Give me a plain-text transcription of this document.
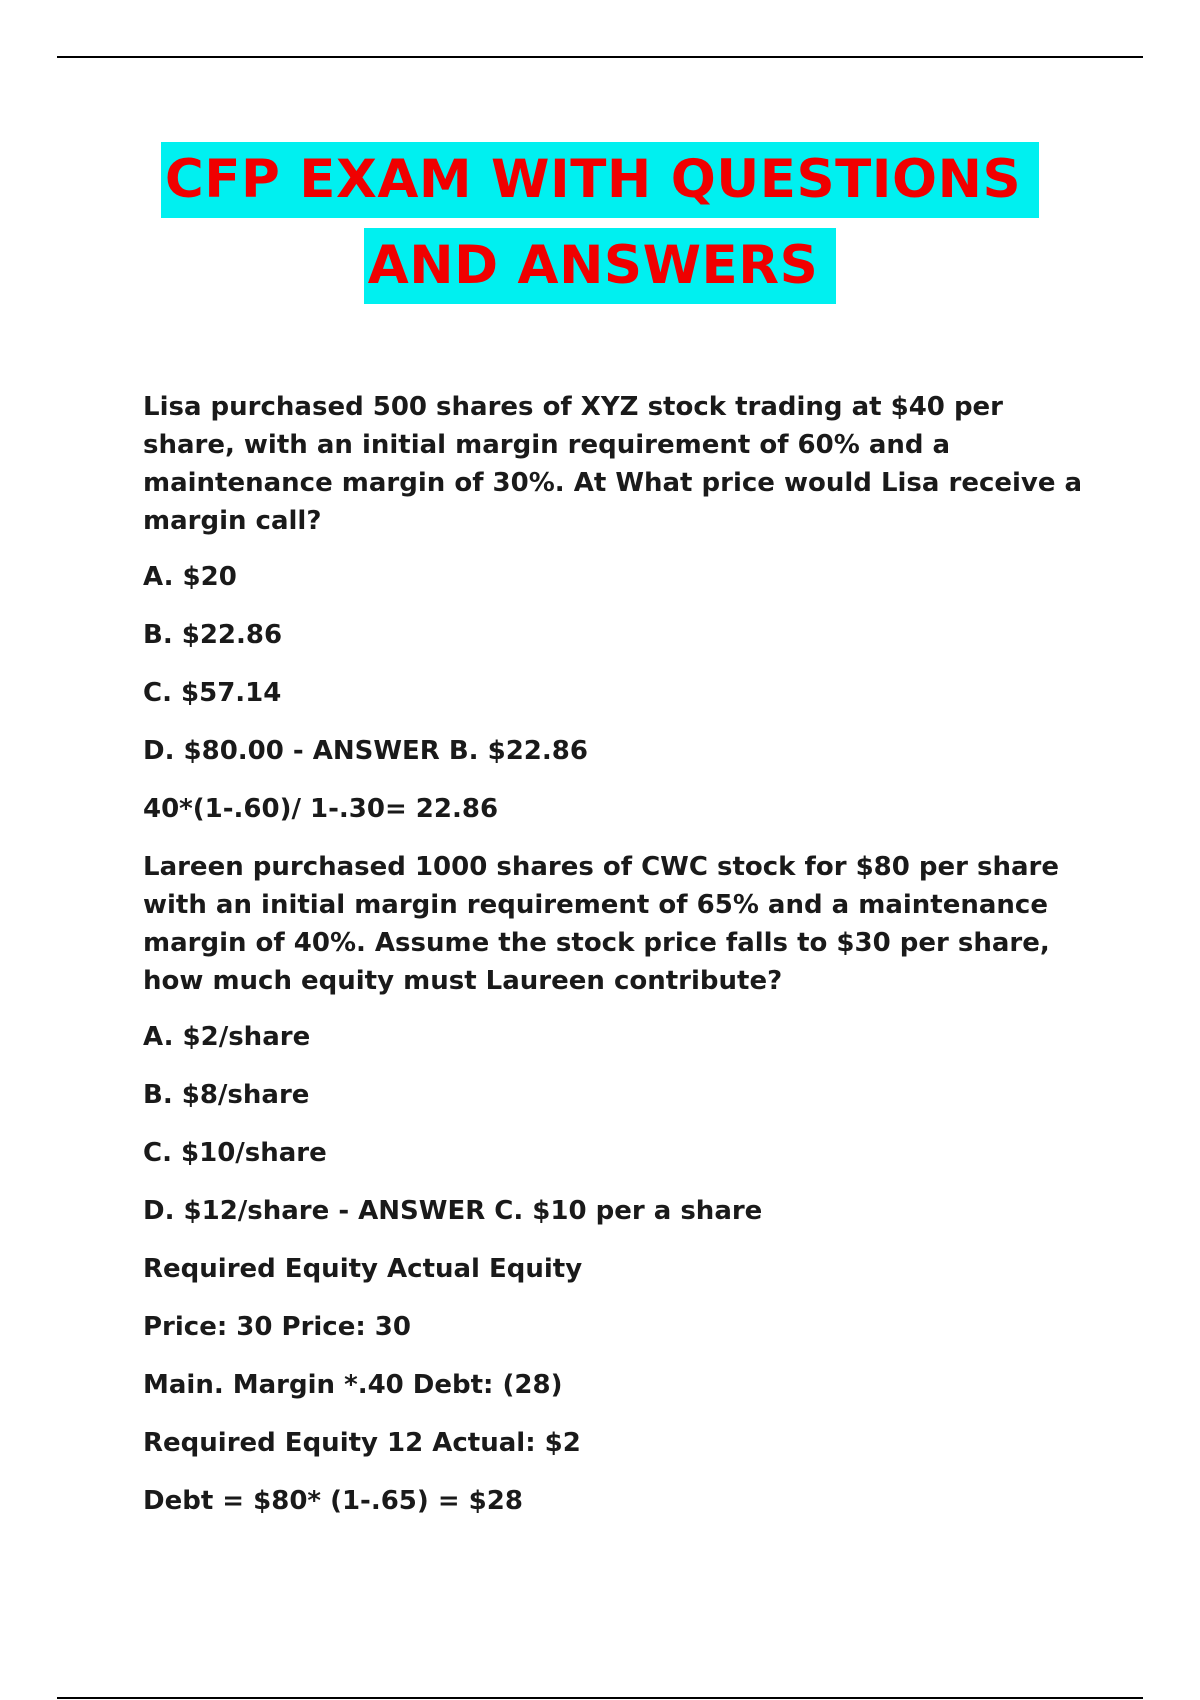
CFP EXAM WITH QUESTIONS
AND ANSWERS

Lisa purchased 500 shares of XYZ stock trading at $40 per share, with an initial margin requirement of 60% and a maintenance margin of 30%. At What price would Lisa receive a margin call?

A. $20

B. $22.86

C. $57.14

D. $80.00 - ANSWER B. $22.86

40*(1-.60)/ 1-.30= 22.86

Lareen purchased 1000 shares of CWC stock for $80 per share with an initial margin requirement of 65% and a maintenance margin of 40%. Assume the stock price falls to $30 per share, how much equity must Laureen contribute?

A. $2/share

B. $8/share

C. $10/share

D. $12/share - ANSWER C. $10 per a share

Required Equity Actual Equity

Price: 30 Price: 30

Main. Margin *.40 Debt: (28)

Required Equity 12 Actual: $2

Debt = $80* (1-.65) = $28
